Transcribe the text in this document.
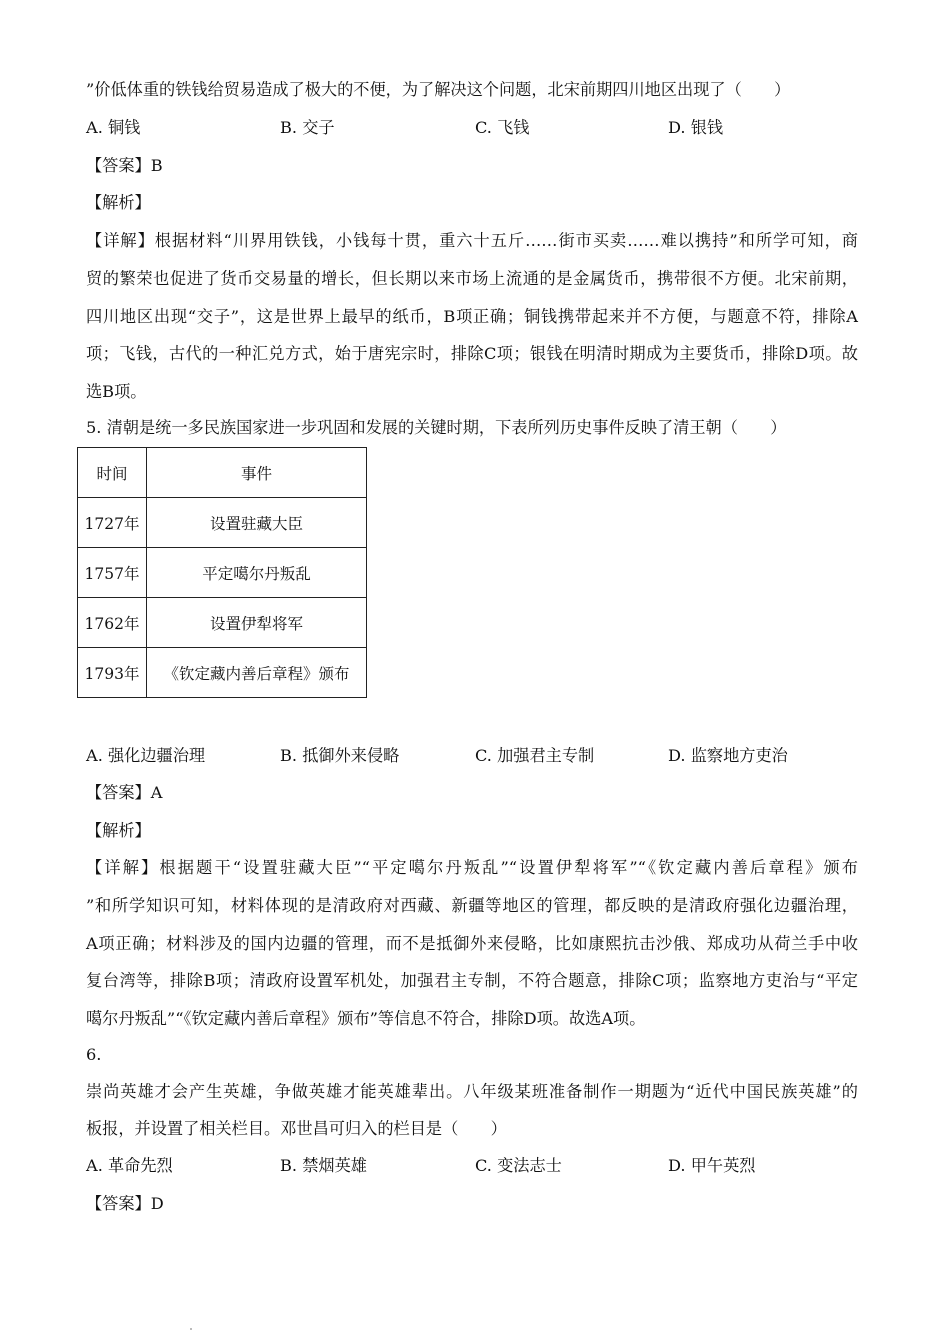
”价低体重的铁钱给贸易造成了极大的不便，为了解决这个问题，北宋前期四川地区出现了（　　）

A. 铜钱	B. 交子	C. 飞钱	D. 银钱

【答案】B

【解析】

【详解】根据材料“川界用铁钱，小钱每十贯，重六十五斤……街市买卖……难以携持”和所学可知，商

贸的繁荣也促进了货币交易量的增长，但长期以来市场上流通的是金属货币，携带很不方便。北宋前期，

四川地区出现“交子”，这是世界上最早的纸币，B项正确；铜钱携带起来并不方便，与题意不符，排除A

项；飞钱，古代的一种汇兑方式，始于唐宪宗时，排除C项；银钱在明清时期成为主要货币，排除D项。故

选B项。

5. 清朝是统一多民族国家进一步巩固和发展的关键时期，下表所列历史事件反映了清王朝（　　）

时间	事件
1727年	设置驻藏大臣
1757年	平定噶尔丹叛乱
1762年	设置伊犁将军
1793年	《钦定藏内善后章程》颁布
A. 强化边疆治理	B. 抵御外来侵略	C. 加强君主专制	D. 监察地方吏治

【答案】A

【解析】

【详解】根据题干“设置驻藏大臣”“平定噶尔丹叛乱”“设置伊犁将军”“《钦定藏内善后章程》颁布

”和所学知识可知，材料体现的是清政府对西藏、新疆等地区的管理，都反映的是清政府强化边疆治理，

A项正确；材料涉及的国内边疆的管理，而不是抵御外来侵略，比如康熙抗击沙俄、郑成功从荷兰手中收

复台湾等，排除B项；清政府设置军机处，加强君主专制，不符合题意，排除C项；监察地方吏治与“平定

噶尔丹叛乱”“《钦定藏内善后章程》颁布”等信息不符合，排除D项。故选A项。

6.

崇尚英雄才会产生英雄，争做英雄才能英雄辈出。八年级某班准备制作一期题为“近代中国民族英雄”的

板报，并设置了相关栏目。邓世昌可归入的栏目是（　　）

A. 革命先烈	B. 禁烟英雄	C. 变法志士	D. 甲午英烈

【答案】D
